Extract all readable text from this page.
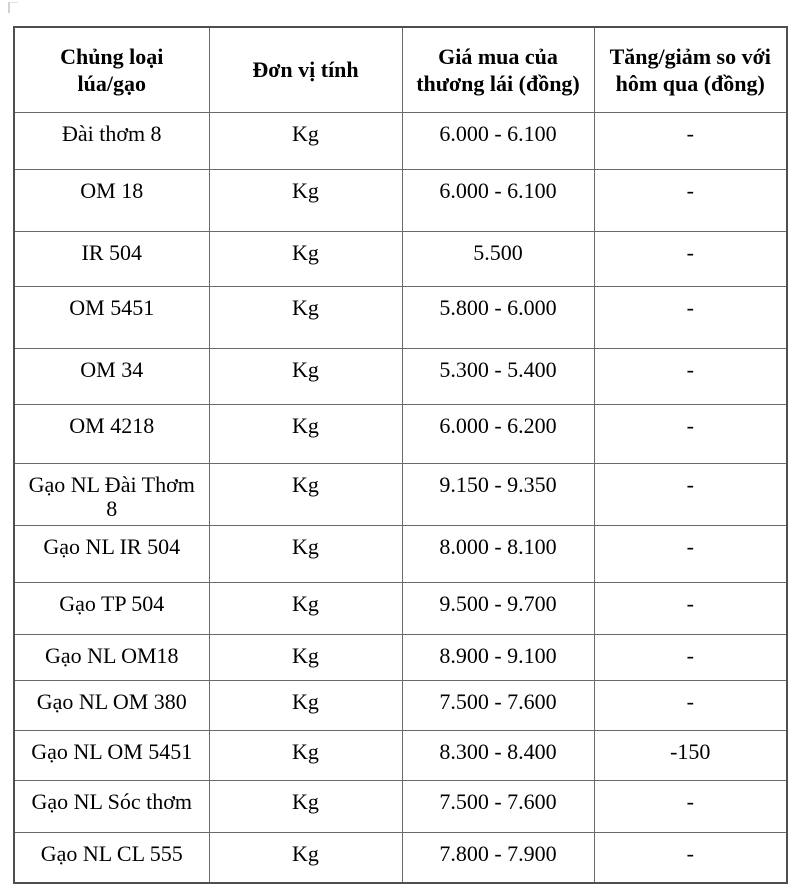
Chủng loại lúa/gạo	Đơn vị tính	Giá mua của thương lái (đồng)	Tăng/giảm so với hôm qua (đồng)
Đài thơm 8	Kg	6.000 - 6.100	-
OM 18	Kg	6.000 - 6.100	-
IR 504	Kg	5.500	-
OM 5451	Kg	5.800 - 6.000	-
OM 34	Kg	5.300 - 5.400	-
OM 4218	Kg	6.000 - 6.200	-
Gạo NL Đài Thơm 8	Kg	9.150 - 9.350	-
Gạo NL IR 504	Kg	8.000 - 8.100	-
Gạo TP 504	Kg	9.500 - 9.700	-
Gạo NL OM18	Kg	8.900 - 9.100	-
Gạo NL OM 380	Kg	7.500 - 7.600	-
Gạo NL OM 5451	Kg	8.300 - 8.400	-150
Gạo NL Sóc thơm	Kg	7.500 - 7.600	-
Gạo NL CL 555	Kg	7.800 - 7.900	-
